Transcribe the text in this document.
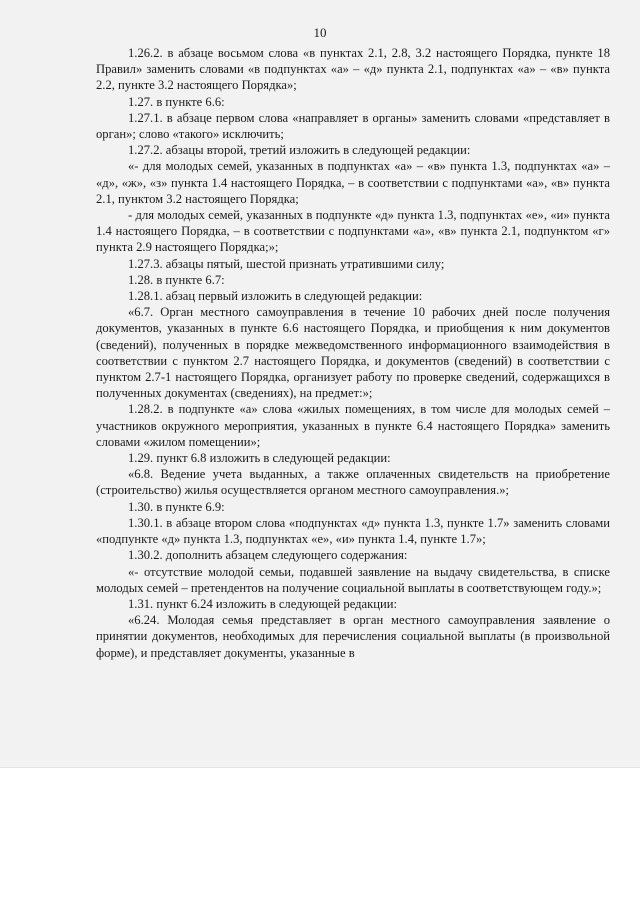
10

1.26.2. в абзаце восьмом слова «в пунктах 2.1, 2.8, 3.2 настоящего Порядка, пункте 18 Правил» заменить словами «в подпунктах «а» – «д» пункта 2.1, подпунктах «а» – «в» пункта 2.2, пункте 3.2 настоящего Порядка»;

1.27. в пункте 6.6:

1.27.1. в абзаце первом слова «направляет в органы» заменить словами «представляет в орган»; слово «такого» исключить;

1.27.2. абзацы второй, третий изложить в следующей редакции:

«- для молодых семей, указанных в подпунктах «а» – «в» пункта 1.3, подпунктах «а» – «д», «ж», «з» пункта 1.4 настоящего Порядка, – в соответствии с подпунктами «а», «в» пункта 2.1, пунктом 3.2 настоящего Порядка;

- для молодых семей, указанных в подпункте «д» пункта 1.3, подпунктах «е», «и» пункта 1.4 настоящего Порядка, – в соответствии с подпунктами «а», «в» пункта 2.1, подпунктом «г» пункта 2.9 настоящего Порядка;»;

1.27.3. абзацы пятый, шестой признать утратившими силу;

1.28. в пункте 6.7:

1.28.1. абзац первый изложить в следующей редакции:

«6.7. Орган местного самоуправления в течение 10 рабочих дней после получения документов, указанных в пункте 6.6 настоящего Порядка, и приобщения к ним документов (сведений), полученных в порядке межведомственного информационного взаимодействия в соответствии с пунктом 2.7 настоящего Порядка, и документов (сведений) в соответствии с пунктом 2.7-1 настоящего Порядка, организует работу по проверке сведений, содержащихся в полученных документах (сведениях), на предмет:»;

1.28.2. в подпункте «а» слова «жилых помещениях, в том числе для молодых семей – участников окружного мероприятия, указанных в пункте 6.4 настоящего Порядка» заменить словами «жилом помещении»;

1.29. пункт 6.8 изложить в следующей редакции:

«6.8. Ведение учета выданных, а также оплаченных свидетельств на приобретение (строительство) жилья осуществляется органом местного самоуправления.»;

1.30. в пункте 6.9:

1.30.1. в абзаце втором слова «подпунктах «д» пункта 1.3, пункте 1.7» заменить словами «подпункте «д» пункта 1.3, подпунктах «е», «и» пункта 1.4, пункте 1.7»;

1.30.2. дополнить абзацем следующего содержания:

«- отсутствие молодой семьи, подавшей заявление на выдачу свидетельства, в списке молодых семей – претендентов на получение социальной выплаты в соответствующем году.»;

1.31. пункт 6.24 изложить в следующей редакции:

«6.24. Молодая семья представляет в орган местного самоуправления заявление о принятии документов, необходимых для перечисления социальной выплаты (в произвольной форме), и представляет документы, указанные в
